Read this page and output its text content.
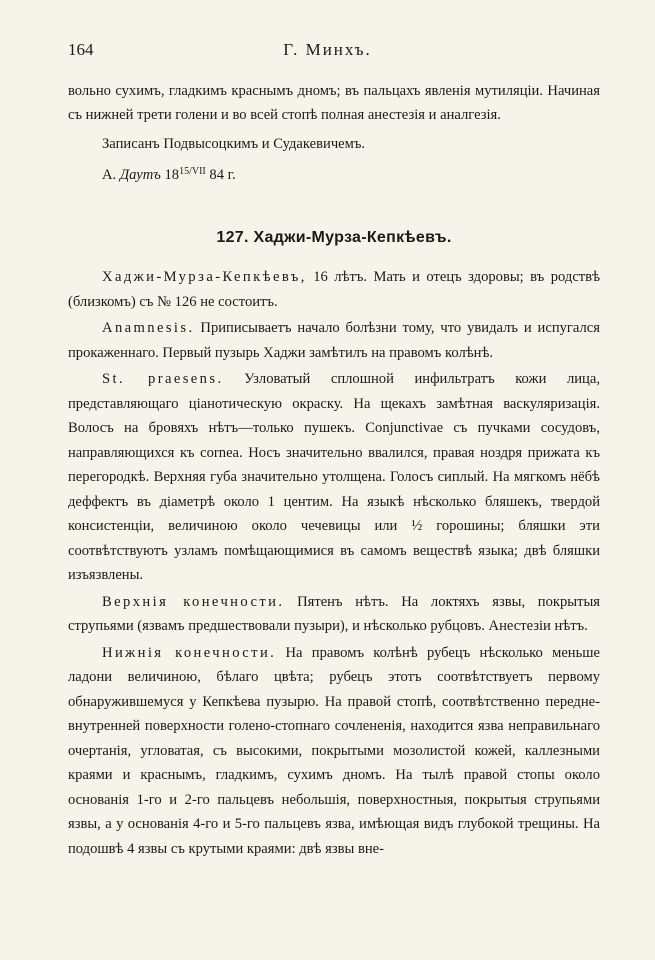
164	Г. Минхъ.

вольно сухимъ, гладкимъ краснымъ дномъ; въ пальцахъ явленія мутиляціи. Начиная съ нижней трети голени и во всей стопѣ полная анестезія и аналгезія.

Записанъ Подвысоцкимъ и Судакевичемъ.

А. Даутъ $18^{15/VII}$ 84 г.

127. Хаджи-Мурза-Кепкѣевъ.

Хаджи-Мурза-Кепкѣевъ, 16 лѣтъ. Мать и отецъ здоровы; въ родствѣ (близкомъ) съ № 126 не состоитъ.

Anamnesis. Приписываетъ начало болѣзни тому, что увидалъ и испугался прокаженнаго. Первый пузырь Хаджи замѣтилъ на правомъ колѣнѣ.

St. praesens. Узловатый сплошной инфильтратъ кожи лица, представляющаго ціанотическую окраску. На щекахъ замѣтная васкуляризація. Волосъ на бровяхъ нѣтъ—только пушекъ. Conjunctivae съ пучками сосудовъ, направляющихся къ cornea. Носъ значительно ввалился, правая ноздря прижата къ перегородкѣ. Верхняя губа значительно утолщена. Голосъ сиплый. На мягкомъ нёбѣ деффектъ въ діаметрѣ около 1 центим. На языкѣ нѣсколько бляшекъ, твердой консистенціи, величиною около чечевицы или ½ горошины; бляшки эти соотвѣтствуютъ узламъ помѣщающимися въ самомъ веществѣ языка; двѣ бляшки изъязвлены.

Верхнія конечности. Пятенъ нѣтъ. На локтяхъ язвы, покрытыя струпьями (язвамъ предшествовали пузыри), и нѣсколько рубцовъ. Анестезіи нѣтъ.

Нижнія конечности. На правомъ колѣнѣ рубецъ нѣсколько меньше ладони величиною, бѣлаго цвѣта; рубецъ этотъ соотвѣтствуетъ первому обнаружившемуся у Кепкѣева пузырю. На правой стопѣ, соотвѣтственно передне-внутренней поверхности голено-стопнаго сочлененія, находится язва неправильнаго очертанія, угловатая, съ высокими, покрытыми мозолистой кожей, каллезными краями и краснымъ, гладкимъ, сухимъ дномъ. На тылѣ правой стопы около основанія 1-го и 2-го пальцевъ небольшія, поверхностныя, покрытыя струпьями язвы, а у основанія 4-го и 5-го пальцевъ язва, имѣющая видъ глубокой трещины. На подошвѣ 4 язвы съ крутыми краями: двѣ язвы вне-
